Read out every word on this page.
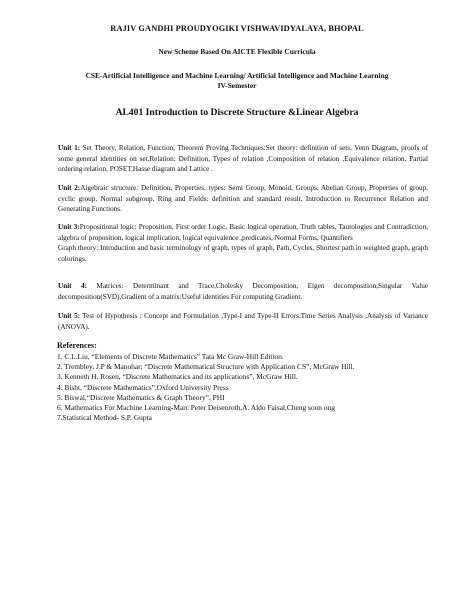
RAJIV GANDHI PROUDYOGIKI VISHWAVIDYALAYA, BHOPAL
New Scheme Based On AICTE Flexible Curricula
CSE-Artificial Intelligence and Machine Learning/ Artificial Intelligence and Machine Learning
IV-Semester
AL401 Introduction to Discrete Structure &Linear Algebra
Unit 1: Set Theory, Relation, Function, Theorem Proving Techniques:Set theory: definition of sets, Venn Diagram, proofs of some general identities on set,Relation: Definition, Types of relation ,Composition of relation ,Equivalence relation, Partial ordering relation, POSET,Hasse diagram and Lattice .
Unit 2:Algebraic structure: Definition, Properties, types: Semi Group, Monoid, Groups, Abelian Group, Properties of group, cyclic group, Normal subgroup, Ring and Fields: definition and standard result, Introduction to Recurrence Relation and Generating Functions.
Unit 3:Propositional logic: Proposition, First order Logic, Basic logical operation, Truth tables, Tautologies and Contradiction, algebra of proposition, logical implication, logical equivalence ,predicates, Normal Forms, Quantifiers
Graph theory: Introduction and basic terminology of graph, types of graph, Path, Cycles, Shortest path in weighted graph, graph colorings.
Unit 4: Matrices: Determinant and Trace,Cholesky Decomposition, Eigen decomposition,Singular Value decomposition(SVD),Gradient of a matrix:Useful identities For computing Gradient.
Unit 5: Test of Hypothesis : Concept and Formulation ,Type-I and Type-II Errors,Time Series Analysis ,Analysis of Variance (ANOVA).
References:
1. C.L.Liu, “Elements of Discrete Mathematics” Tata Mc Graw-Hill Edition.
2. Trembley, J.P & Manohar; “Discrete Mathematical Structure with Application CS”, McGraw Hill.
3. Kenneth H. Rosen, “Discrete Mathematics and its applications”, McGraw Hill.
4. Bisht, “Discrete Mathematics”,Oxford University Press
5. Biswal,“Discrete Mathematics & Graph Theory”, PHI
6. Mathematics For Machine Learning-Marc Peter Deisenroth,A. Aldo Faisal,Cheng soon ong
7.Statistical Method- S.P. Gupta
